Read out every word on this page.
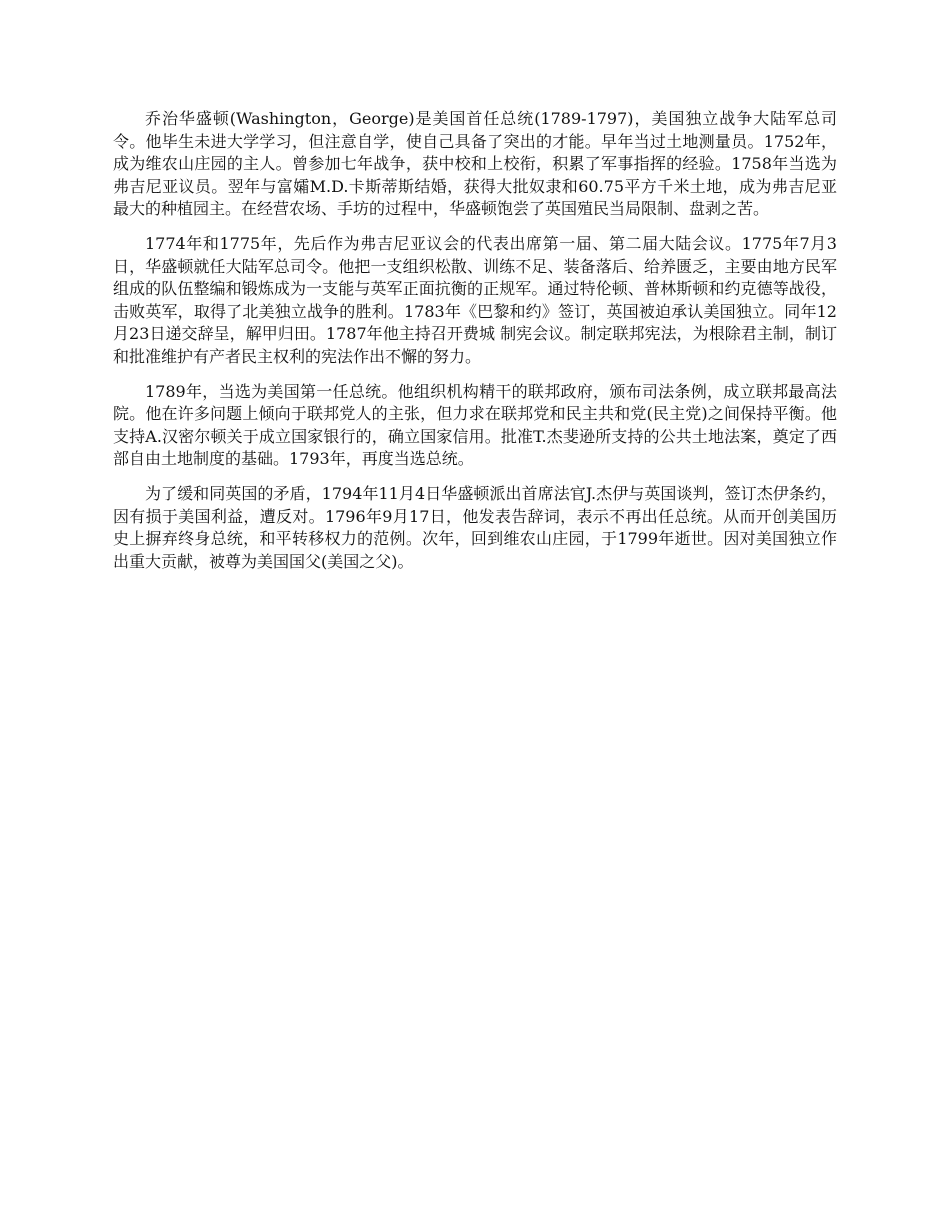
乔治华盛顿(Washington，George)是美国首任总统(1789-1797)，美国独立战争大陆军总司令。他毕生未进大学学习，但注意自学，使自己具备了突出的才能。早年当过土地测量员。1752年，成为维农山庄园的主人。曾参加七年战争，获中校和上校衔，积累了军事指挥的经验。1758年当选为弗吉尼亚议员。翌年与富孀M.D.卡斯蒂斯结婚，获得大批奴隶和60.75平方千米土地，成为弗吉尼亚最大的种植园主。在经营农场、手坊的过程中，华盛顿饱尝了英国殖民当局限制、盘剥之苦。

1774年和1775年，先后作为弗吉尼亚议会的代表出席第一届、第二届大陆会议。1775年7月3日，华盛顿就任大陆军总司令。他把一支组织松散、训练不足、装备落后、给养匮乏，主要由地方民军组成的队伍整编和锻炼成为一支能与英军正面抗衡的正规军。通过特伦顿、普林斯顿和约克德等战役，击败英军，取得了北美独立战争的胜利。1783年《巴黎和约》签订，英国被迫承认美国独立。同年12月23日递交辞呈，解甲归田。1787年他主持召开费城 制宪会议。制定联邦宪法，为根除君主制，制订和批准维护有产者民主权利的宪法作出不懈的努力。

1789年，当选为美国第一任总统。他组织机构精干的联邦政府，颁布司法条例，成立联邦最高法院。他在许多问题上倾向于联邦党人的主张，但力求在联邦党和民主共和党(民主党)之间保持平衡。他支持A.汉密尔顿关于成立国家银行的，确立国家信用。批准T.杰斐逊所支持的公共土地法案，奠定了西部自由土地制度的基础。1793年，再度当选总统。

为了缓和同英国的矛盾，1794年11月4日华盛顿派出首席法官J.杰伊与英国谈判，签订杰伊条约，因有损于美国利益，遭反对。1796年9月17日，他发表告辞词，表示不再出任总统。从而开创美国历史上摒弃终身总统，和平转移权力的范例。次年，回到维农山庄园，于1799年逝世。因对美国独立作出重大贡献，被尊为美国国父(美国之父)。
